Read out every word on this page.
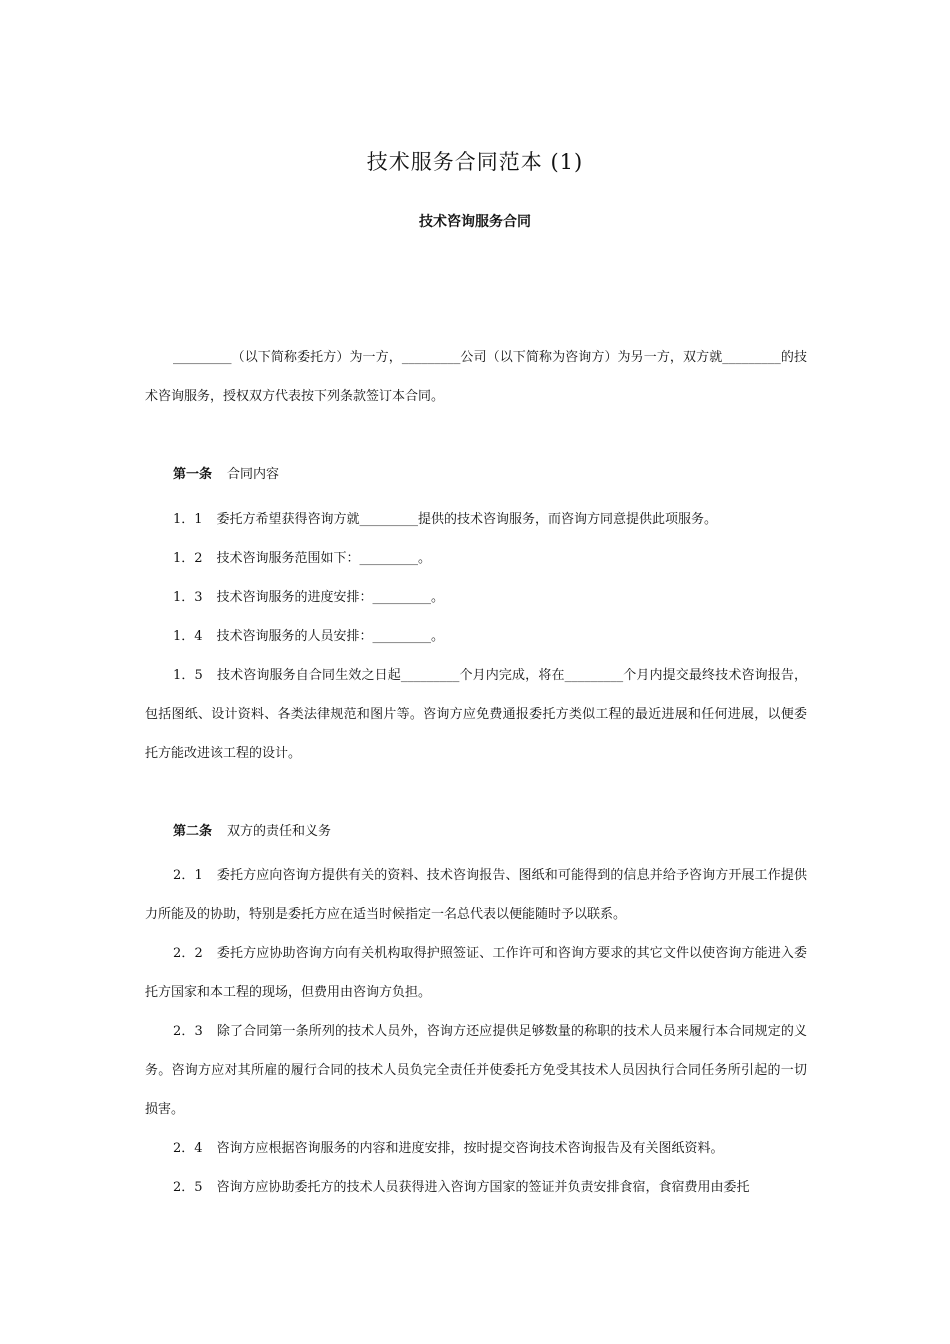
技术服务合同范本 (1)
技术咨询服务合同

_________（以下简称委托方）为一方，_________公司（以下简称为咨询方）为另一方，双方就_________的技术咨询服务，授权双方代表按下列条款签订本合同。

第一条 合同内容

1．1 委托方希望获得咨询方就_________提供的技术咨询服务，而咨询方同意提供此项服务。

1．2 技术咨询服务范围如下：_________。

1．3 技术咨询服务的进度安排：_________。

1．4 技术咨询服务的人员安排：_________。

1．5 技术咨询服务自合同生效之日起_________个月内完成，将在_________个月内提交最终技术咨询报告，包括图纸、设计资料、各类法律规范和图片等。咨询方应免费通报委托方类似工程的最近进展和任何进展，以便委托方能改进该工程的设计。

第二条 双方的责任和义务

2．1 委托方应向咨询方提供有关的资料、技术咨询报告、图纸和可能得到的信息并给予咨询方开展工作提供力所能及的协助，特别是委托方应在适当时候指定一名总代表以便能随时予以联系。

2．2 委托方应协助咨询方向有关机构取得护照签证、工作许可和咨询方要求的其它文件以使咨询方能进入委托方国家和本工程的现场，但费用由咨询方负担。

2．3 除了合同第一条所列的技术人员外，咨询方还应提供足够数量的称职的技术人员来履行本合同规定的义务。咨询方应对其所雇的履行合同的技术人员负完全责任并使委托方免受其技术人员因执行合同任务所引起的一切损害。

2．4 咨询方应根据咨询服务的内容和进度安排，按时提交咨询技术咨询报告及有关图纸资料。

2．5 咨询方应协助委托方的技术人员获得进入咨询方国家的签证并负责安排食宿，食宿费用由委托
